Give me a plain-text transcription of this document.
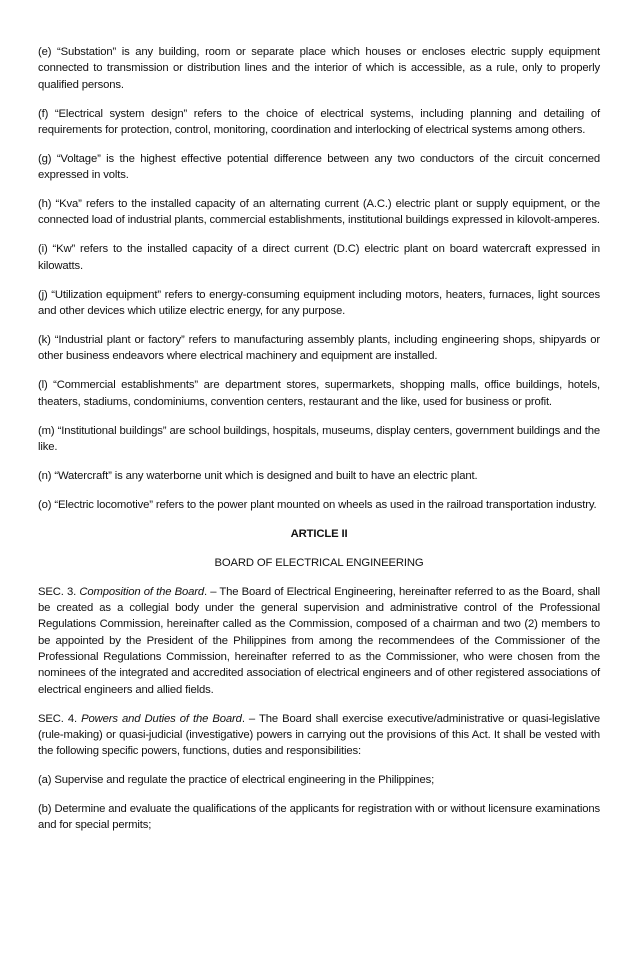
(e) “Substation” is any building, room or separate place which houses or encloses electric supply equipment connected to transmission or distribution lines and the interior of which is accessible, as a rule, only to properly qualified persons.

(f) “Electrical system design” refers to the choice of electrical systems, including planning and detailing of requirements for protection, control, monitoring, coordination and interlocking of electrical systems among others.

(g) “Voltage” is the highest effective potential difference between any two conductors of the circuit concerned expressed in volts.

(h) “Kva” refers to the installed capacity of an alternating current (A.C.) electric plant or supply equipment, or the connected load of industrial plants, commercial establishments, institutional buildings expressed in kilovolt-amperes.

(i) “Kw” refers to the installed capacity of a direct current (D.C) electric plant on board watercraft expressed in kilowatts.

(j) “Utilization equipment” refers to energy-consuming equipment including motors, heaters, furnaces, light sources and other devices which utilize electric energy, for any purpose.

(k) “Industrial plant or factory” refers to manufacturing assembly plants, including engineering shops, shipyards or other business endeavors where electrical machinery and equipment are installed.

(l) “Commercial establishments” are department stores, supermarkets, shopping malls, office buildings, hotels, theaters, stadiums, condominiums, convention centers, restaurant and the like, used for business or profit.

(m) “Institutional buildings” are school buildings, hospitals, museums, display centers, government buildings and the like.

(n) “Watercraft” is any waterborne unit which is designed and built to have an electric plant.

(o) “Electric locomotive” refers to the power plant mounted on wheels as used in the railroad transportation industry.

ARTICLE II

BOARD OF ELECTRICAL ENGINEERING

SEC. 3. Composition of the Board. – The Board of Electrical Engineering, hereinafter referred to as the Board, shall be created as a collegial body under the general supervision and administrative control of the Professional Regulations Commission, hereinafter called as the Commission, composed of a chairman and two (2) members to be appointed by the President of the Philippines from among the recommendees of the Commissioner of the Professional Regulations Commission, hereinafter referred to as the Commissioner, who were chosen from the nominees of the integrated and accredited association of electrical engineers and of other registered associations of electrical engineers and allied fields.

SEC. 4. Powers and Duties of the Board. – The Board shall exercise executive/administrative or quasi-legislative (rule-making) or quasi-judicial (investigative) powers in carrying out the provisions of this Act. It shall be vested with the following specific powers, functions, duties and responsibilities:

(a) Supervise and regulate the practice of electrical engineering in the Philippines;

(b) Determine and evaluate the qualifications of the applicants for registration with or without licensure examinations and for special permits;
